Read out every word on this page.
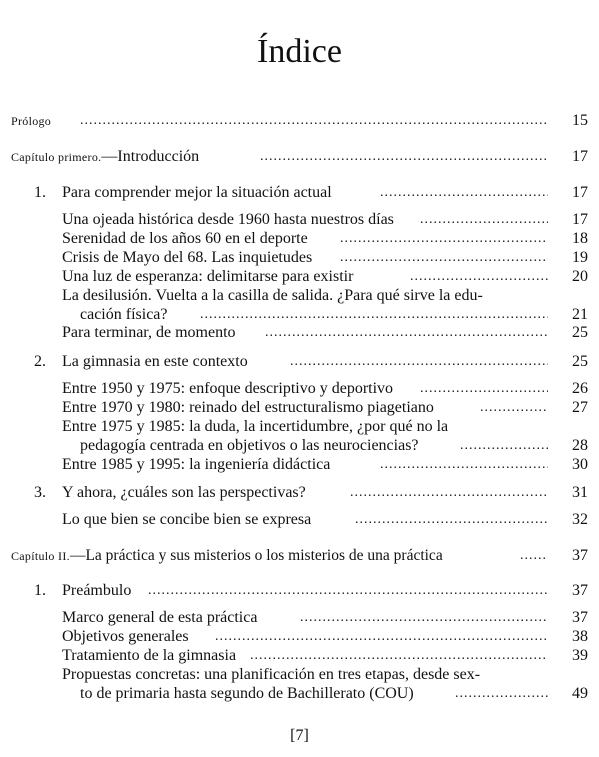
Índice
Prólogo .....	15
Capítulo primero.—Introducción .....	17
1. Para comprender mejor la situación actual .....	17
Una ojeada histórica desde 1960 hasta nuestros días .....	17
Serenidad de los años 60 en el deporte .....	18
Crisis de Mayo del 68. Las inquietudes .....	19
Una luz de esperanza: delimitarse para existir .....	20
La desilusión. Vuelta a la casilla de salida. ¿Para qué sirve la edu-
cación física? .....	21
Para terminar, de momento .....	25
2. La gimnasia en este contexto .....	25
Entre 1950 y 1975: enfoque descriptivo y deportivo .....	26
Entre 1970 y 1980: reinado del estructuralismo piagetiano .....	27
Entre 1975 y 1985: la duda, la incertidumbre, ¿por qué no la
pedagogía centrada en objetivos o las neurociencias? .....	28
Entre 1985 y 1995: la ingeniería didáctica .....	30
3. Y ahora, ¿cuáles son las perspectivas? .....	31
Lo que bien se concibe bien se expresa .....	32
Capítulo II.—La práctica y sus misterios o los misterios de una práctica .....	37
1. Preámbulo .....	37
Marco general de esta práctica .....	37
Objetivos generales .....	38
Tratamiento de la gimnasia .....	39
Propuestas concretas: una planificación en tres etapas, desde sex-
to de primaria hasta segundo de Bachillerato (COU) .....	49
[7]
